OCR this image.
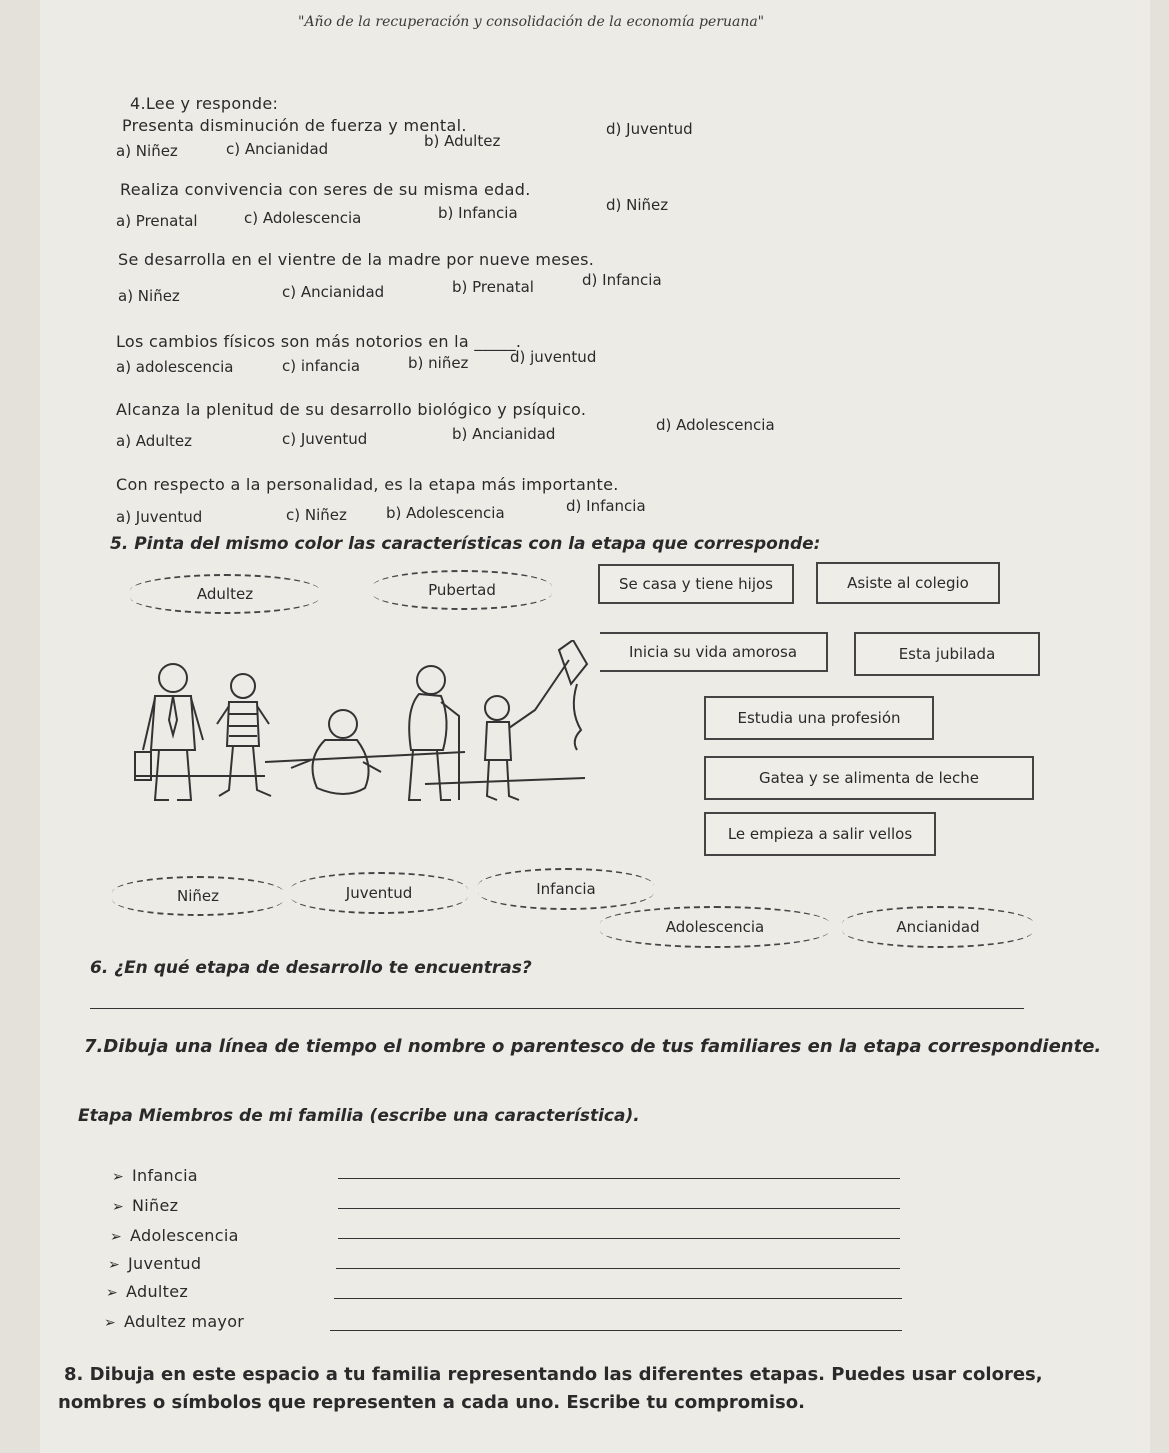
"Año de la recuperación y consolidación de la economía peruana"
4.Lee y responde:
Presenta disminución de fuerza y mental.
a) Niñez	c) Ancianidad	b) Adultez
d) Juventud
Realiza convivencia con seres de su misma edad.
a) Prenatal	c) Adolescencia	b) Infancia	d) Niñez
Se desarrolla en el vientre de la madre por nueve meses.
a) Niñez	c) Ancianidad	b) Prenatal	d) Infancia
Los cambios físicos son más notorios en la _____.
a) adolescencia	c) infancia	b) niñez	d) juventud
Alcanza la plenitud de su desarrollo biológico y psíquico.
a) Adultez	c) Juventud	b) Ancianidad	d) Adolescencia
Con respecto a la personalidad, es la etapa más importante.
a) Juventud	c) Niñez	b) Adolescencia	d) Infancia
5. Pinta del mismo color las características con la etapa que corresponde:
Adultez	Pubertad	Se casa y tiene hijos	Asiste al colegio
Inicia su vida amorosa	Esta jubilada
Estudia una profesión
Gatea y se alimenta de leche
Le empieza a salir vellos
Niñez	Juventud	Infancia
Adolescencia	Ancianidad
6. ¿En qué etapa de desarrollo te encuentras?
7.Dibuja una línea de tiempo el nombre o parentesco de tus familiares en la etapa correspondiente.
Etapa Miembros de mi familia (escribe una característica).
➢ Infancia
➢ Niñez
➢ Adolescencia
➢ Juventud
➢ Adultez
➢ Adultez mayor
8. Dibuja en este espacio a tu familia representando las diferentes etapas. Puedes usar colores,
nombres o símbolos que representen a cada uno. Escribe tu compromiso.
